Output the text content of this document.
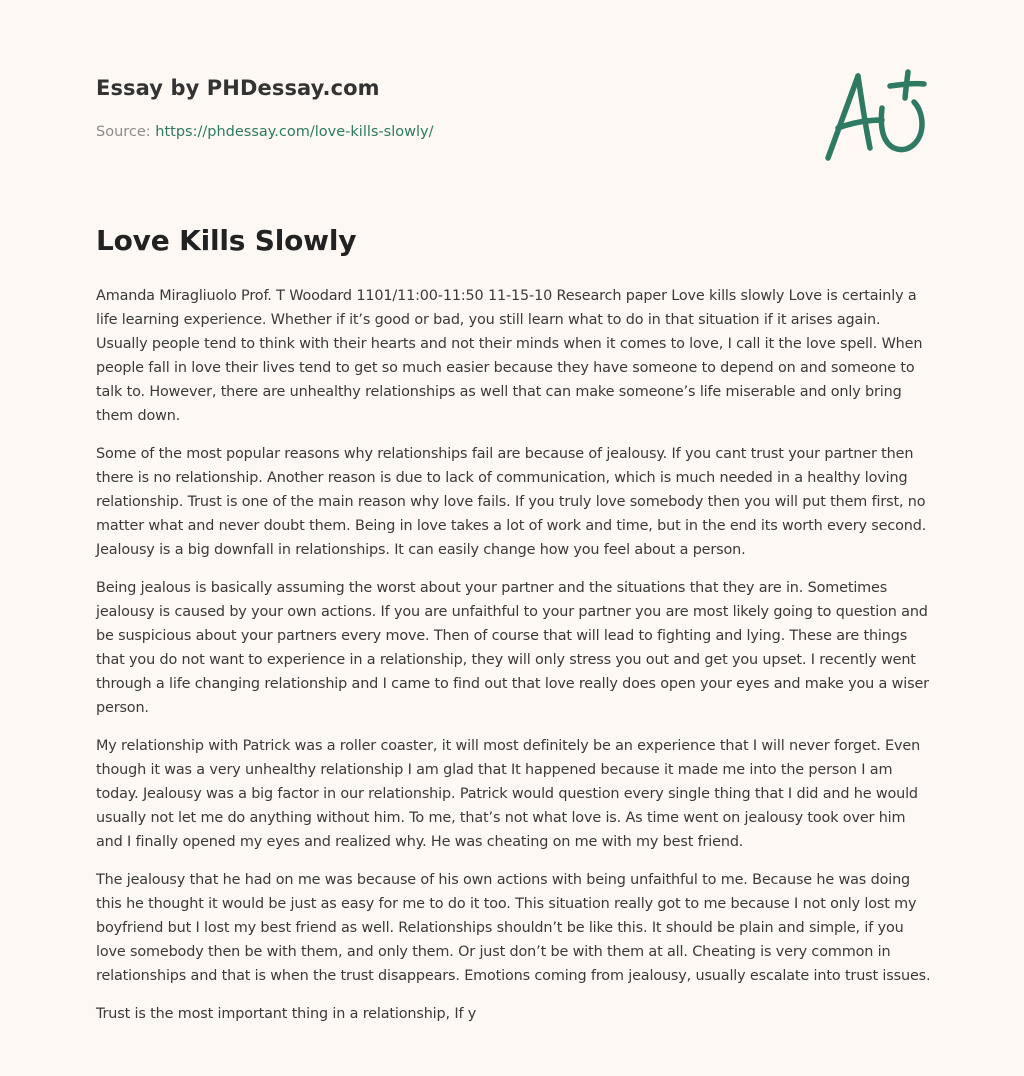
Essay by PHDessay.com
Source: https://phdessay.com/love-kills-slowly/
Love Kills Slowly

Amanda Miragliuolo Prof. T Woodard 1101/11:00-11:50 11-15-10 Research paper Love kills slowly Love is certainly a life learning experience. Whether if it’s good or bad, you still learn what to do in that situation if it arises again. Usually people tend to think with their hearts and not their minds when it comes to love, I call it the love spell. When people fall in love their lives tend to get so much easier because they have someone to depend on and someone to talk to. However, there are unhealthy relationships as well that can make someone’s life miserable and only bring them down.

Some of the most popular reasons why relationships fail are because of jealousy. If you cant trust your partner then there is no relationship. Another reason is due to lack of communication, which is much needed in a healthy loving relationship. Trust is one of the main reason why love fails. If you truly love somebody then you will put them first, no matter what and never doubt them. Being in love takes a lot of work and time, but in the end its worth every second. Jealousy is a big downfall in relationships. It can easily change how you feel about a person.

Being jealous is basically assuming the worst about your partner and the situations that they are in. Sometimes jealousy is caused by your own actions. If you are unfaithful to your partner you are most likely going to question and be suspicious about your partners every move. Then of course that will lead to fighting and lying. These are things that you do not want to experience in a relationship, they will only stress you out and get you upset. I recently went through a life changing relationship and I came to find out that love really does open your eyes and make you a wiser person.

My relationship with Patrick was a roller coaster, it will most definitely be an experience that I will never forget. Even though it was a very unhealthy relationship I am glad that It happened because it made me into the person I am today. Jealousy was a big factor in our relationship. Patrick would question every single thing that I did and he would usually not let me do anything without him. To me, that’s not what love is. As time went on jealousy took over him and I finally opened my eyes and realized why. He was cheating on me with my best friend.

The jealousy that he had on me was because of his own actions with being unfaithful to me. Because he was doing this he thought it would be just as easy for me to do it too. This situation really got to me because I not only lost my boyfriend but I lost my best friend as well. Relationships shouldn’t be like this. It should be plain and simple, if you love somebody then be with them, and only them. Or just don’t be with them at all. Cheating is very common in relationships and that is when the trust disappears. Emotions coming from jealousy, usually escalate into trust issues.

Trust is the most important thing in a relationship, If y
